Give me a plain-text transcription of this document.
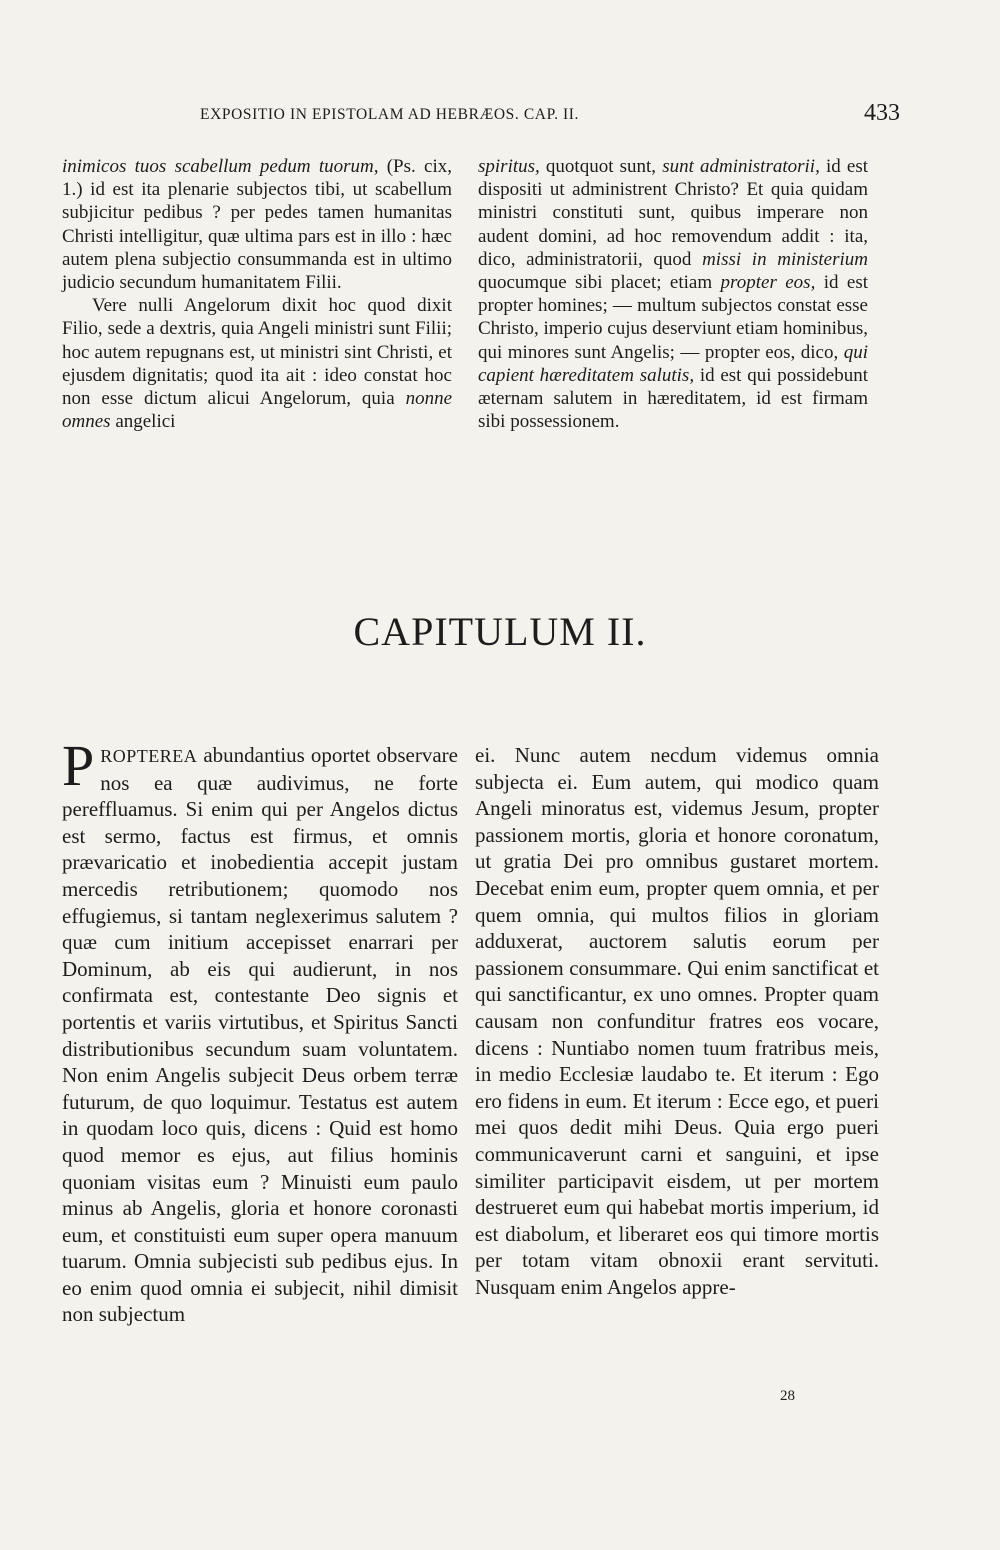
EXPOSITIO IN EPISTOLAM AD HEBRÆOS. CAP. II.	433

inimicos tuos scabellum pedum tuorum, (Ps. cix, 1.) id est ita plenarie subjectos tibi, ut scabellum subjicitur pedibus ? per pedes tamen humanitas Christi intelligitur, quæ ultima pars est in illo : hæc autem plena subjectio consummanda est in ultimo judicio secundum humanitatem Filii.

Vere nulli Angelorum dixit hoc quod dixit Filio, sede a dextris, quia Angeli ministri sunt Filii; hoc autem repugnans est, ut ministri sint Christi, et ejusdem dignitatis; quod ita ait : ideo constat hoc non esse dictum alicui Angelorum, quia nonne omnes angelici

spiritus, quotquot sunt, sunt administratorii, id est dispositi ut administrent Christo? Et quia quidam ministri constituti sunt, quibus imperare non audent domini, ad hoc removendum addit : ita, dico, administratorii, quod missi in ministerium quocumque sibi placet; etiam propter eos, id est propter homines; — multum subjectos constat esse Christo, imperio cujus deserviunt etiam hominibus, qui minores sunt Angelis; — propter eos, dico, qui capient hæreditatem salutis, id est qui possidebunt æternam salutem in hæreditatem, id est firmam sibi possessionem.

CAPITULUM II.

PROPTEREA abundantius oportet observare nos ea quæ audivimus, ne forte pereffluamus. Si enim qui per Angelos dictus est sermo, factus est firmus, et omnis prævaricatio et inobedientia accepit justam mercedis retributionem; quomodo nos effugiemus, si tantam neglexerimus salutem ? quæ cum initium accepisset enarrari per Dominum, ab eis qui audierunt, in nos confirmata est, contestante Deo signis et portentis et variis virtutibus, et Spiritus Sancti distributionibus secundum suam voluntatem. Non enim Angelis subjecit Deus orbem terræ futurum, de quo loquimur. Testatus est autem in quodam loco quis, dicens : Quid est homo quod memor es ejus, aut filius hominis quoniam visitas eum ? Minuisti eum paulo minus ab Angelis, gloria et honore coronasti eum, et constituisti eum super opera manuum tuarum. Omnia subjecisti sub pedibus ejus. In eo enim quod omnia ei subjecit, nihil dimisit non subjectum

ei. Nunc autem necdum videmus omnia subjecta ei. Eum autem, qui modico quam Angeli minoratus est, videmus Jesum, propter passionem mortis, gloria et honore coronatum, ut gratia Dei pro omnibus gustaret mortem. Decebat enim eum, propter quem omnia, et per quem omnia, qui multos filios in gloriam adduxerat, auctorem salutis eorum per passionem consummare. Qui enim sanctificat et qui sanctificantur, ex uno omnes. Propter quam causam non confunditur fratres eos vocare, dicens : Nuntiabo nomen tuum fratribus meis, in medio Ecclesiæ laudabo te. Et iterum : Ego ero fidens in eum. Et iterum : Ecce ego, et pueri mei quos dedit mihi Deus. Quia ergo pueri communicaverunt carni et sanguini, et ipse similiter participavit eisdem, ut per mortem destrueret eum qui habebat mortis imperium, id est diabolum, et liberaret eos qui timore mortis per totam vitam obnoxii erant servituti. Nusquam enim Angelos appre-

28
